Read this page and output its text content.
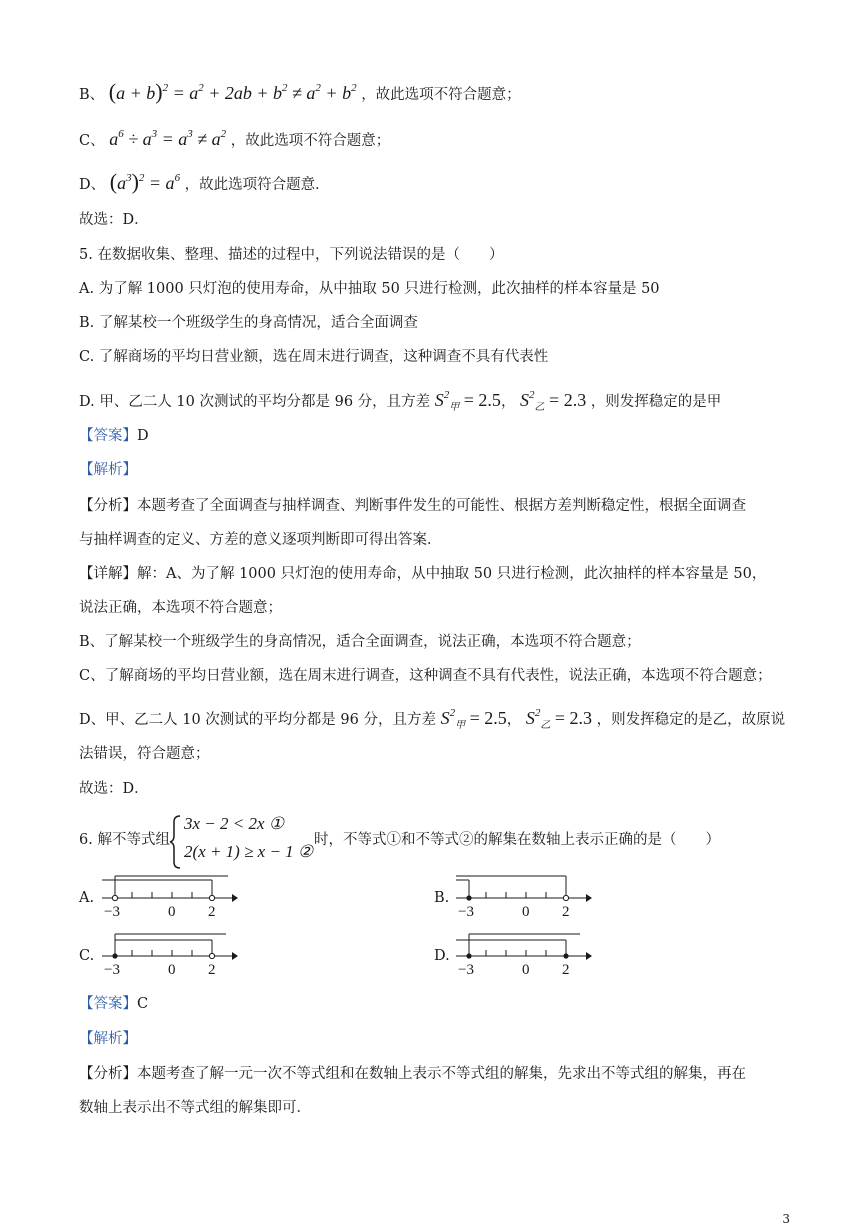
B、 $(a + b)^2 = a^2 + 2ab + b^2 \ne a^2 + b^2$ ，故此选项不符合题意；
C、 $a^6 \div a^3 = a^3 \ne a^2$ ，故此选项不符合题意；
D、 $(a^3)^2 = a^6$ ，故此选项符合题意．
故选：D．
5. 在数据收集、整理、描述的过程中，下列说法错误的是（　　）
A. 为了解 1000 只灯泡的使用寿命，从中抽取 50 只进行检测，此次抽样的样本容量是 50
B. 了解某校一个班级学生的身高情况，适合全面调查
C. 了解商场的平均日营业额，选在周末进行调查，这种调查不具有代表性
D. 甲、乙二人 10 次测试的平均分都是 96 分，且方差 $S^2_甲 = 2.5$， $S^2_乙 = 2.3$ ，则发挥稳定的是甲
【答案】D
【解析】
【分析】本题考查了全面调查与抽样调查、判断事件发生的可能性、根据方差判断稳定性，根据全面调查
与抽样调查的定义、方差的意义逐项判断即可得出答案．
【详解】解：A、为了解 1000 只灯泡的使用寿命，从中抽取 50 只进行检测，此次抽样的样本容量是 50，
说法正确，本选项不符合题意；
B、了解某校一个班级学生的身高情况，适合全面调查，说法正确，本选项不符合题意；
C、了解商场的平均日营业额，选在周末进行调查，这种调查不具有代表性，说法正确，本选项不符合题意；
D、甲、乙二人 10 次测试的平均分都是 96 分，且方差 $S^2_甲 = 2.5$， $S^2_乙 = 2.3$ ，则发挥稳定的是乙，故原说
法错误，符合题意；
故选：D．
6. 解不等式组
3x − 2 < 2x ①
2(x + 1) ≥ x − 1 ②
时，不等式①和不等式②的解集在数轴上表示正确的是（　　）
A.
−3	0 2
B.
−3	0 2
C.
−3	0 2
D.
−3	0 2
【答案】C
【解析】
【分析】本题考查了解一元一次不等式组和在数轴上表示不等式组的解集，先求出不等式组的解集，再在
数轴上表示出不等式组的解集即可．
3
